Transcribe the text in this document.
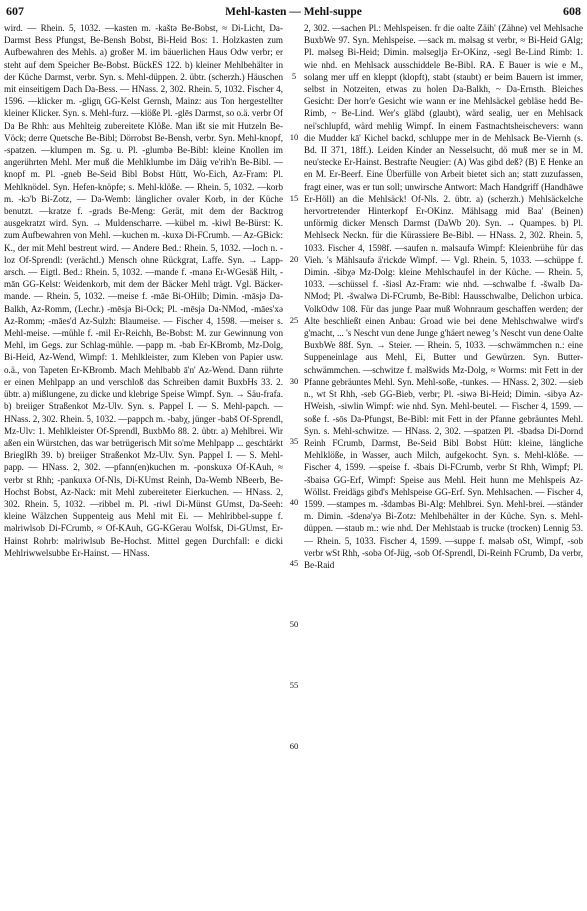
607	Mehl-kasten — Mehl-suppe	608

wird. — Rhein. 5, 1032. —kasten m. -kaštə Be-Bobst, ≈ Di-Licht, Da-Darmst Bess Pfungst, Be-Bensh Bobst, Bi-Heid Bos: 1. Holzkasten zum Aufbewahren des Mehls. a) großer M. im bäuerlichen Haus Odw verbr; er steht auf dem Speicher Be-Bobst. BückES 122. b) kleiner Mehlbehälter in der Küche Darmst, verbr. Syn. s. Mehl-düppen. 2. übtr. (scherzh.) Häuschen mit einseitigem Dach Da-Bess. — HNass. 2, 302. Rhein. 5, 1032. Fischer 4, 1596. —klicker m. -glign̥ GG-Kelst Gernsh, Mainz: aus Ton hergestellter kleiner Klicker. Syn. s. Mehl-furz. —klöße Pl. -glēs Darmst, so o.ä. verbr Of Da Be Rhh: aus Mehlteig zubereitete Klöße. Man ißt sie mit Hutzeln Be-Vöck; derre Quetsche Be-Bibl; Dörrobst Be-Bensh, verbr. Syn. Mehl-knopf, -spatzen. —klumpen m. Sg. u. Pl. -glumbə Be-Bibl: kleine Knollen im angerührten Mehl. Mer muß die Mehlklumbe im Däig ve'rih'n Be-Bibl. —knopf m. Pl. -gneb Be-Seid Bibl Bobst Hütt, Wo-Eich, Az-Fram: Pl. Mehlknödel. Syn. Hefen-knöpfe; s. Mehl-klöße. — Rhein. 5, 1032. —korb m. -kɔ'b Bi-Zotz, — Da-Wemb: länglicher ovaler Korb, in der Küche benutzt. —kratze f. -grads Be-Meng: Gerät, mit dem der Backtrog ausgekratzt wird. Syn. → Muldenscharre. —kübel m. -kiwl Be-Bürst: K. zum Aufbewahren von Mehl. —kuchen m. -kuxə Di-FCrumb. — Az-GBick: K., der mit Mehl bestreut wird. — Andere Bed.: Rhein. 5, 1032. —loch n. -loz Of-Sprendl: (verächtl.) Mensch ohne Rückgrat, Laffe. Syn. → Lapp-arsch. — Eigtl. Bed.: Rhein. 5, 1032. —mande f. -manə Er-WGesäß Hilt, -mān GG-Kelst: Weidenkorb, mit dem der Bäcker Mehl trägt. Vgl. Bäcker-mande. — Rhein. 5, 1032. —meise f. -māe Bi-OHilb; Dimin. -māsjə Da-Balkh, Az-Romm, (Lechr.) -mēsjə Bi-Ock; Pl. -mēsjə Da-NMod, -māes'xə Az-Romm; -māes'd Az-Sulzh: Blaumeise. — Fischer 4, 1598. —meiser s. Mehl-meise. —mühle f. -mil Er-Reichh, Be-Bobst: M. zur Gewinnung von Mehl, im Gegs. zur Schlag-mühle. —papp m. -bab Er-KBromb, Mz-Dolg, Bi-Heid, Az-Wend, Wimpf: 1. Mehlkleister, zum Kleben von Papier usw. o.ä., von Tapeten Er-KBromb. Mach Mehlbabb ā'n' Az-Wend. Dann rührte er einen Mehlpapp an und verschloß das Schreiben damit BuxbHs 33. 2. übtr. a) mißlungene, zu dicke und klebrige Speise Wimpf. Syn. → Säu-frafa. b) breiiger Straßenkot Mz-Ulv. Syn. s. Pappel I. — S. Mehl-papch. — HNass. 2, 302. Rhein. 5, 1032. —pappch m. -babχ, jünger -babš Of-Sprendl, Mz-Ulv: 1. Mehlkleister Of-Sprendl, BuxbMo 88. 2. übtr. a) Mehlbrei. Wir aßen ein Würstchen, das war betrügerisch Mit so'me Mehlpapp ... geschtärkt BrieglRh 39. b) breiiger Straßenkot Mz-Ulv. Syn. Pappel I. — S. Mehl-papp. — HNass. 2, 302. —pfann(en)kuchen m. -ponskuxə Of-KAuh, ≈ verbr st Rhh; -pankuxə Of-Nls, Di-KUmst Reinh, Da-Wemb NBeerb, Be-Hochst Bobst, Az-Nack: mit Mehl zubereiteter Eierkuchen. — HNass. 2, 302. Rhein. 5, 1032. —ribbel m. Pl. -riwl Di-Münst GUmst, Da-Seeh: kleine Wälzchen Suppenteig aus Mehl mit Ei. — Mehlribbel-suppe f. məlriwlsob Di-FCrumb, ≈ Of-KAuh, GG-KGerau Wolfsk, Di-GUmst, Er-Hainst Rohrb: məlriwlsub Be-Hochst. Mittel gegen Durchfall: e dicki Mehlriwwelsubbe Er-Hainst. — HNass.

5
10
15
20
25
30
35
40
45
50
55
60

2, 302. —sachen Pl.: Mehlspeisen. fr die oalte Zäih' (Zähne) vel Mehlsache BuxbWe 97. Syn. Mehlspeise. —sack m. məlsag st verbr, ≈ Bi-Heid GAlg; Pl. məlseg Bi-Heid; Dimin. məlsegljə Er-OKinz, -segl Be-Lind Rimb: 1. wie nhd. en Mehlsack ausschiddele Be-Bibl. RA. E Bauer is wie e M., solang mer uff en kleppt (klopft), stabt (staubt) er beim Bauern ist immer, selbst in Notzeiten, etwas zu holen Da-Balkh, ~ Da-Ernsth. Bleiches Gesicht: Der horr'e Gesicht wie wann er ine Mehlsäckel gebläse hedd Be-Rimb, ~ Be-Lind. Wer's gläbd (glaubt), wärd sealig, uer en Mehlsack nei'schlupfd, wärd mehlig Wimpf. In einem Fastnachtsheischevers: wann die Mudder kā' Kichel backd, schluppe mer in de Mehlsack Be-Viernh (s. Bd. II 371, 18ff.). Leiden Kinder an Nesselsucht, dö muß mer se in M. neu'stecke Er-Hainst. Bestrafte Neugier: (A) Was gibd deß? (B) E Henke an en M. Er-Beerf. Eine Überfülle von Arbeit bietet sich an; statt zuzufassen, fragt einer, was er tun soll; unwirsche Antwort: Mach Handgriff (Handhāwe Er-Höll) an die Mehlsäck! Of-Nls. 2. übtr. a) (scherzh.) Mehlsäckelche hervortretender Hinterkopf Er-OKinz. Mählsagg mid Baa' (Beinen) unförmig dicker Mensch Darmst (DaWb 20). Syn. → Quampes. b) Pl. Mehlseck Neckn. für die Kürassiere Be-Bibl. — HNass. 2, 302. Rhein. 5, 1033. Fischer 4, 1598f. —saufen n. məlsaufə Wimpf: Kleienbrühe für das Vieh. 's Mählsaufə ä'rickde Wimpf. — Vgl. Rhein. 5, 1033. —schüppe f. Dimin. -šibχə Mz-Dolg: kleine Mehlschaufel in der Küche. — Rhein. 5, 1033. —schüssel f. -šiəsl Az-Fram: wie nhd. —schwalbe f. -šwalb Da-NMod; Pl. -šwalwə Di-FCrumb, Be-Bibl: Hausschwalbe, Delichon urbica. VolkOdw 108. Für das junge Paar muß Wohnraum geschaffen werden; der Alte beschließt einen Anbau: Groad wie bei dene Mehlschwalwe wird's g'macht, ... 's Nescht vun dene Junge g'häert neweg 's Nescht vun dene Oalte BuxbWe 88f. Syn. → Steier. — Rhein. 5, 1033. —schwämmchen n.: eine Suppeneinlage aus Mehl, Ei, Butter und Gewürzen. Syn. Butter-schwämmchen. —schwitze f. məlšwids Mz-Dolg, ≈ Worms: mit Fett in der Pfanne gebräuntes Mehl. Syn. Mehl-soße, -tunkes. — HNass. 2, 302. —sieb n., wt St Rhh, -seb GG-Bieb, verbr; Pl. -siwə Bi-Heid; Dimin. -sibyə Az-HWeish, -siwlin Wimpf: wie nhd. Syn. Mehl-beutel. — Fischer 4, 1599. —soße f. -sōs Da-Pfungst, Be-Bibl: mit Fett in der Pfanne gebräuntes Mehl. Syn. s. Mehl-schwitze. — HNass. 2, 302. —spatzen Pl. -šbadsə Di-Dornd Reinh FCrumb, Darmst, Be-Seid Bibl Bobst Hütt: kleine, längliche Mehlklöße, in Wasser, auch Milch, aufgekocht. Syn. s. Mehl-klöße. — Fischer 4, 1599. —speise f. -šbais Di-FCrumb, verbr St Rhh, Wimpf; Pl. -šbaisə GG-Erf, Wimpf: Speise aus Mehl. Heit hunn me Mehlspeis Az-Wöllst. Freidägs gibd's Mehlspeise GG-Erf. Syn. Mehlsachen. — Fischer 4, 1599. —stampes m. -šdambəs Bi-Alg: Mehlbrei. Syn. Mehl-brei. —ständer m. Dimin. -šdenə'yə Bi-Zotz: Mehlbehälter in der Küche. Syn. s. Mehl-düppen. —staub m.: wie nhd. Der Mehlstaab is trucke (trocken) Lennig 53. — Rhein. 5, 1033. Fischer 4, 1599. —suppe f. məlsəb oSt, Wimpf, -sob verbr wSt Rhh, -sobə Of-Jüg, -sob Of-Sprendl, Di-Reinh FCrumb, Da verbr, Be-Raid
